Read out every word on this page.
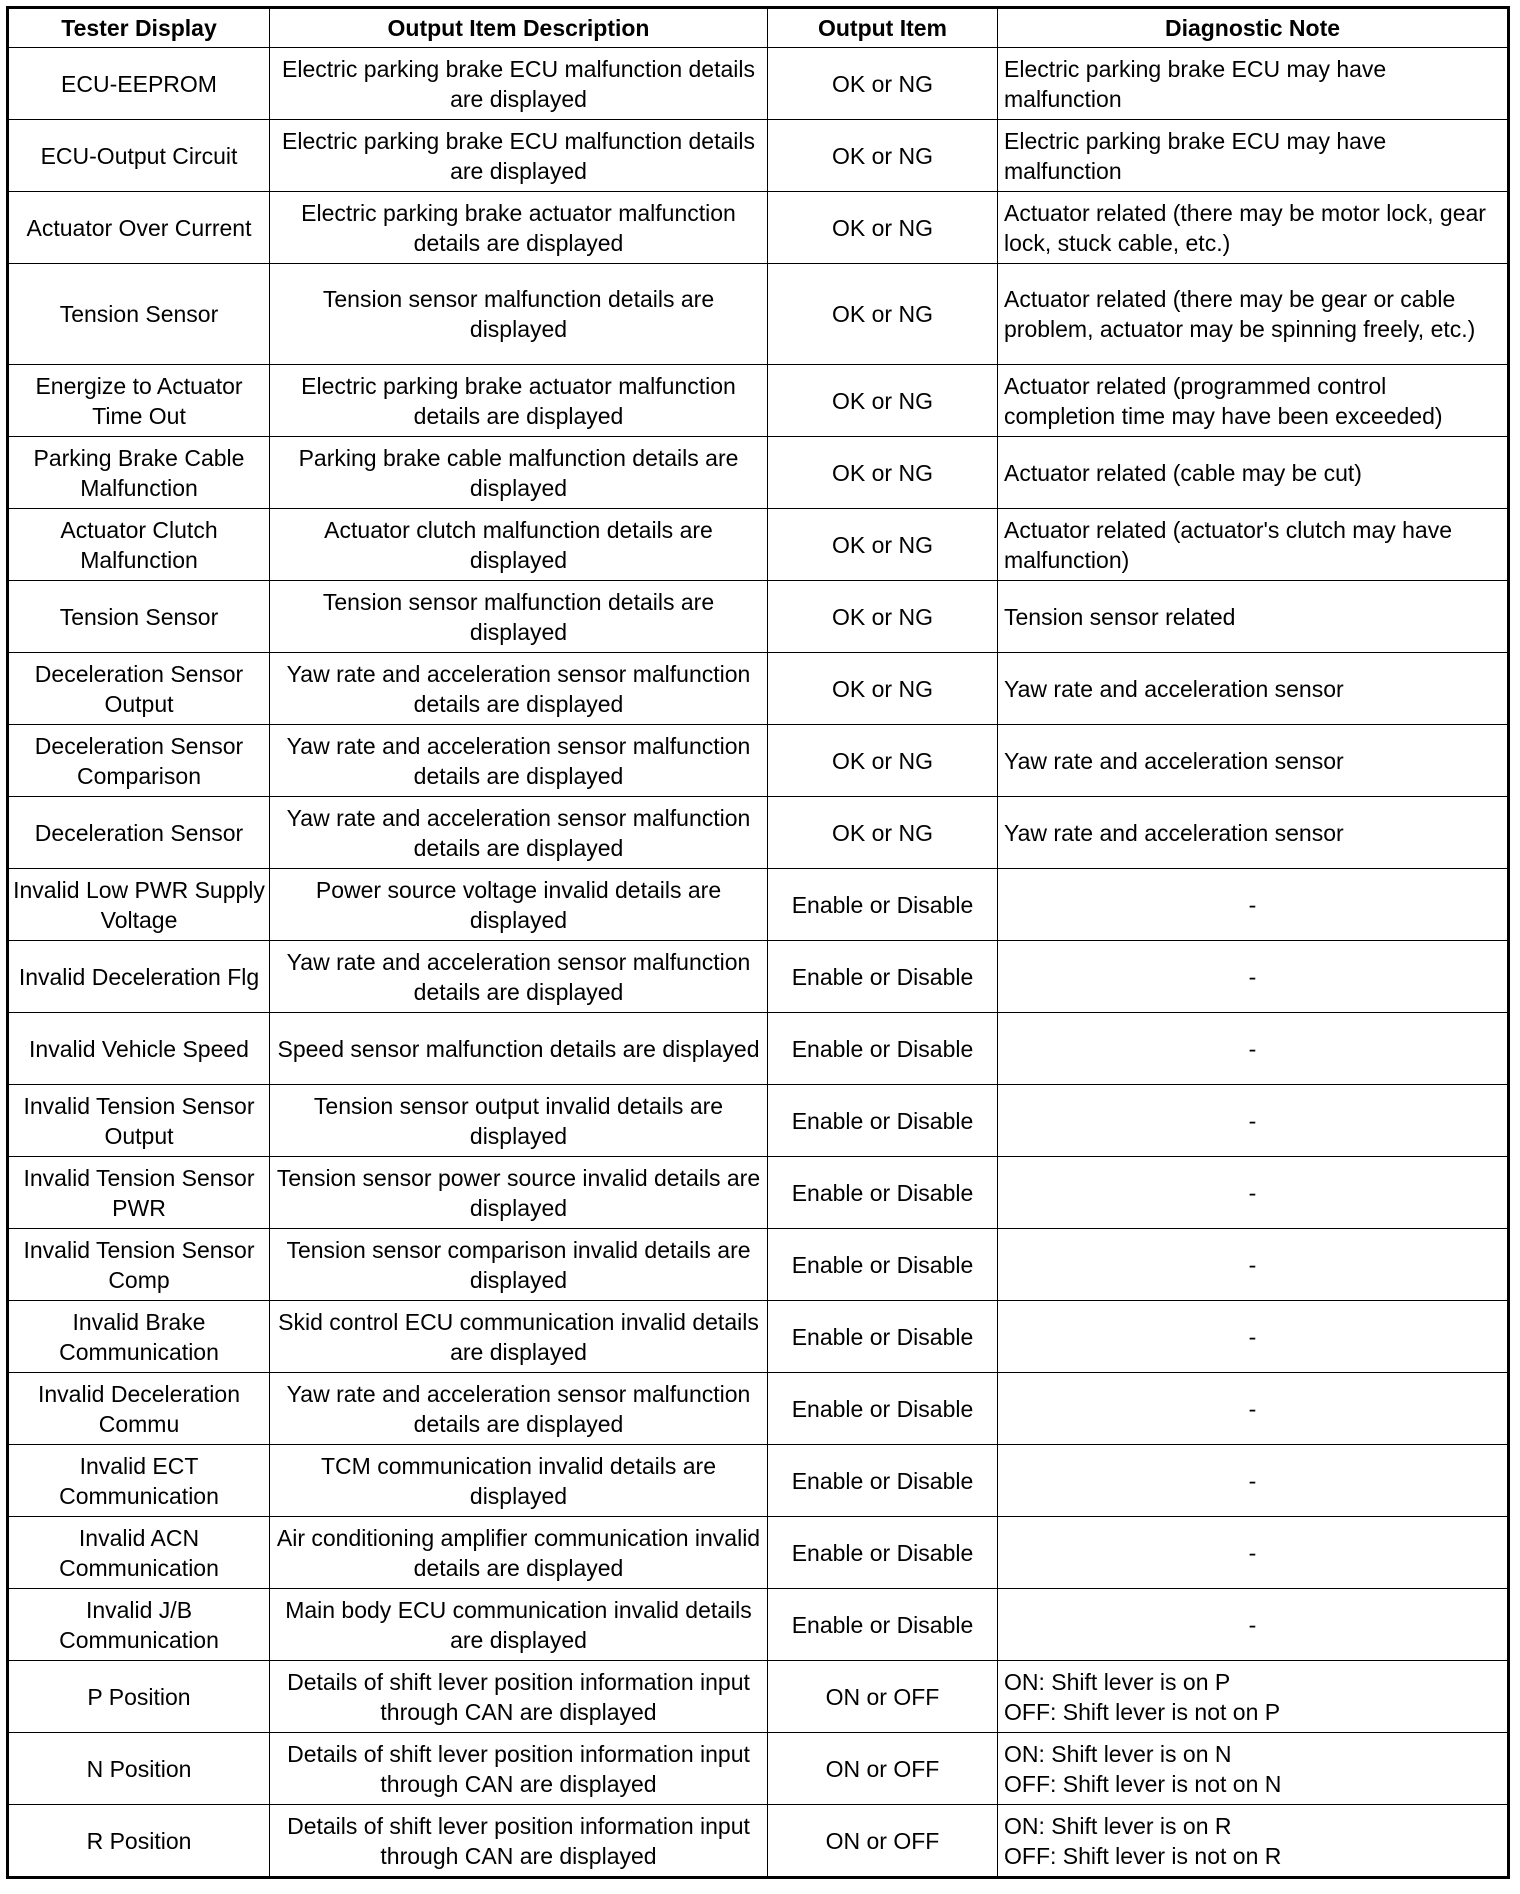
Tester Display	Output Item Description	Output Item	Diagnostic Note
ECU-EEPROM	Electric parking brake ECU malfunction details are displayed	OK or NG	Electric parking brake ECU may have malfunction
ECU-Output Circuit	Electric parking brake ECU malfunction details are displayed	OK or NG	Electric parking brake ECU may have malfunction
Actuator Over Current	Electric parking brake actuator malfunction details are displayed	OK or NG	Actuator related (there may be motor lock, gear lock, stuck cable, etc.)
Tension Sensor	Tension sensor malfunction details are displayed	OK or NG	Actuator related (there may be gear or cable problem, actuator may be spinning freely, etc.)
Energize to Actuator Time Out	Electric parking brake actuator malfunction details are displayed	OK or NG	Actuator related (programmed control completion time may have been exceeded)
Parking Brake Cable Malfunction	Parking brake cable malfunction details are displayed	OK or NG	Actuator related (cable may be cut)
Actuator Clutch Malfunction	Actuator clutch malfunction details are displayed	OK or NG	Actuator related (actuator's clutch may have malfunction)
Tension Sensor	Tension sensor malfunction details are displayed	OK or NG	Tension sensor related
Deceleration Sensor Output	Yaw rate and acceleration sensor malfunction details are displayed	OK or NG	Yaw rate and acceleration sensor
Deceleration Sensor Comparison	Yaw rate and acceleration sensor malfunction details are displayed	OK or NG	Yaw rate and acceleration sensor
Deceleration Sensor	Yaw rate and acceleration sensor malfunction details are displayed	OK or NG	Yaw rate and acceleration sensor
Invalid Low PWR Supply Voltage	Power source voltage invalid details are displayed	Enable or Disable	-
Invalid Deceleration Flg	Yaw rate and acceleration sensor malfunction details are displayed	Enable or Disable	-
Invalid Vehicle Speed	Speed sensor malfunction details are displayed	Enable or Disable	-
Invalid Tension Sensor Output	Tension sensor output invalid details are displayed	Enable or Disable	-
Invalid Tension Sensor PWR	Tension sensor power source invalid details are displayed	Enable or Disable	-
Invalid Tension Sensor Comp	Tension sensor comparison invalid details are displayed	Enable or Disable	-
Invalid Brake Communication	Skid control ECU communication invalid details are displayed	Enable or Disable	-
Invalid Deceleration Commu	Yaw rate and acceleration sensor malfunction details are displayed	Enable or Disable	-
Invalid ECT Communication	TCM communication invalid details are displayed	Enable or Disable	-
Invalid ACN Communication	Air conditioning amplifier communication invalid details are displayed	Enable or Disable	-
Invalid J/B Communication	Main body ECU communication invalid details are displayed	Enable or Disable	-
P Position	Details of shift lever position information input through CAN are displayed	ON or OFF	ON: Shift lever is on P
OFF: Shift lever is not on P

N Position	Details of shift lever position information input through CAN are displayed	ON or OFF	ON: Shift lever is on N
OFF: Shift lever is not on N

R Position	Details of shift lever position information input through CAN are displayed	ON or OFF	ON: Shift lever is on R
OFF: Shift lever is not on R
